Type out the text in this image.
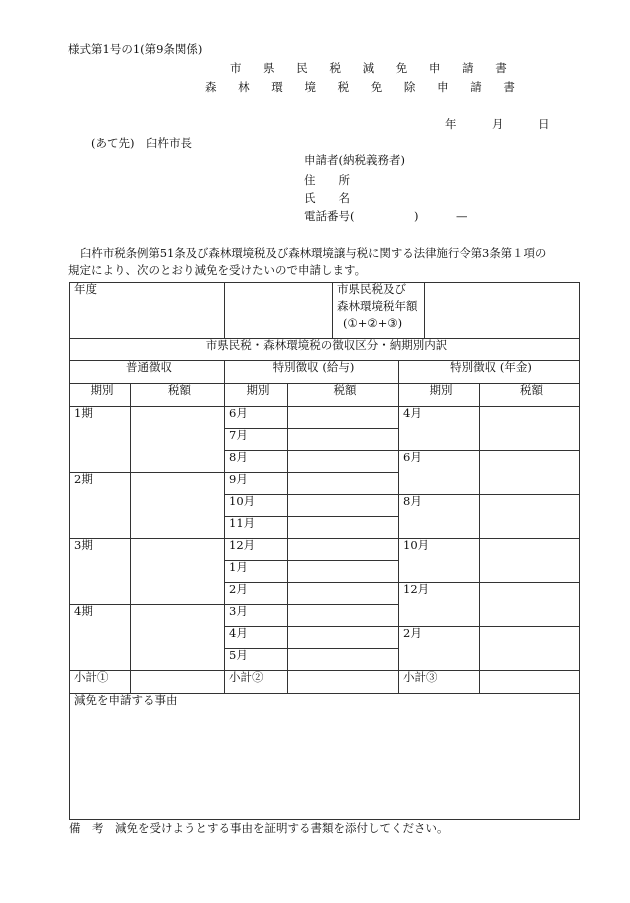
様式第1号の1(第9条関係)
市 県 民 税 減 免 申 請 書
森 林 環 境 税 免 除 申 請 書
年	月	日
(あて先)　臼杵市長
申請者(納税義務者)
住　　所
氏　　名
電話番号(	)	—
臼杵市税条例第51条及び森林環境税及び森林環境譲与税に関する法律施行令第3条第１項の
規定により、次のとおり減免を受けたいので申請します。
年度				市県民税及び
森林環境税年額
(①+②+③)			

市県民税・森林環境税の徴収区分・納期別内訳							
普通徴収		特別徴収 (給与)			特別徴収 (年金)		
期別	税額	期別	税額		期別		税額
1期		6月			4月		
		7月					
		8月			6月		
2期		9月					
		10月			8月		
		11月					
3期		12月			10月		
		1月					
		2月			12月		
4期		3月					
		4月			2月		
		5月					
小計①		小計②			小計③		
減免を申請する事由							
備　考　減免を受けようとする事由を証明する書類を添付してください。
